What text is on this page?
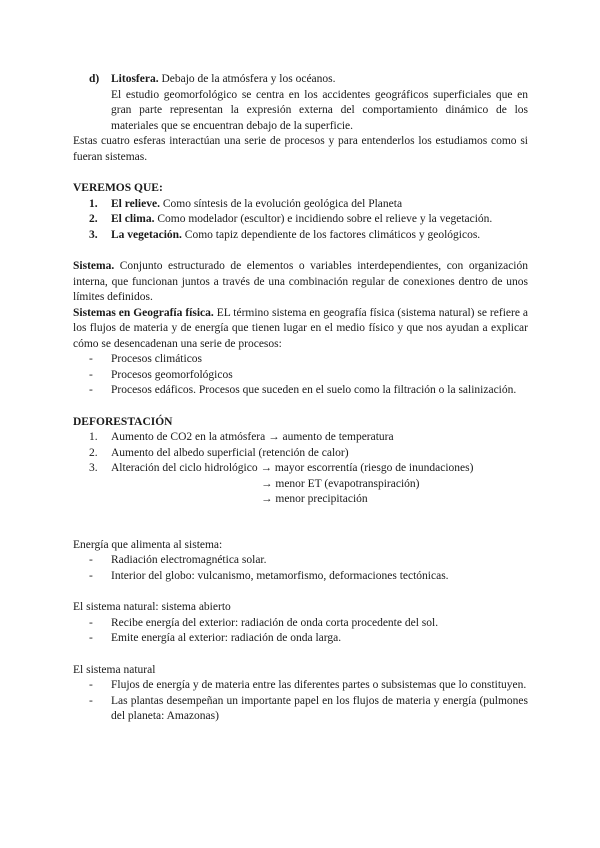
d)	Litosfera. Debajo de la atmósfera y los océanos.

El estudio geomorfológico se centra en los accidentes geográficos superficiales que en gran parte representan la expresión externa del comportamiento dinámico de los materiales que se encuentran debajo de la superficie.

Estas cuatro esferas interactúan una serie de procesos y para entenderlos los estudiamos como si fueran sistemas.

VEREMOS QUE:

1.	El relieve. Como síntesis de la evolución geológica del Planeta
2.	El clima. Como modelador (escultor) e incidiendo sobre el relieve y la vegetación.
3.	La vegetación. Como tapiz dependiente de los factores climáticos y geológicos.

Sistema. Conjunto estructurado de elementos o variables interdependientes, con organización interna, que funcionan juntos a través de una combinación regular de conexiones dentro de unos límites definidos.

Sistemas en Geografía física. EL término sistema en geografía física (sistema natural) se refiere a los flujos de materia y de energía que tienen lugar en el medio físico y que nos ayudan a explicar cómo se desencadenan una serie de procesos:

-	Procesos climáticos
-	Procesos geomorfológicos
-	Procesos edáficos. Procesos que suceden en el suelo como la filtración o la salinización.

DEFORESTACIÓN

1.	Aumento de CO2 en la atmósfera → aumento de temperatura
2.	Aumento del albedo superficial (retención de calor)
3.	Alteración del ciclo hidrológico → mayor escorrentía (riesgo de inundaciones)

→ menor ET (evapotranspiración)

→ menor precipitación

Energía que alimenta al sistema:

-	Radiación electromagnética solar.
-	Interior del globo: vulcanismo, metamorfismo, deformaciones tectónicas.

El sistema natural: sistema abierto

-	Recibe energía del exterior: radiación de onda corta procedente del sol.
-	Emite energía al exterior: radiación de onda larga.

El sistema natural

-	Flujos de energía y de materia entre las diferentes partes o subsistemas que lo constituyen.
-	Las plantas desempeñan un importante papel en los flujos de materia y energía (pulmones del planeta: Amazonas)
